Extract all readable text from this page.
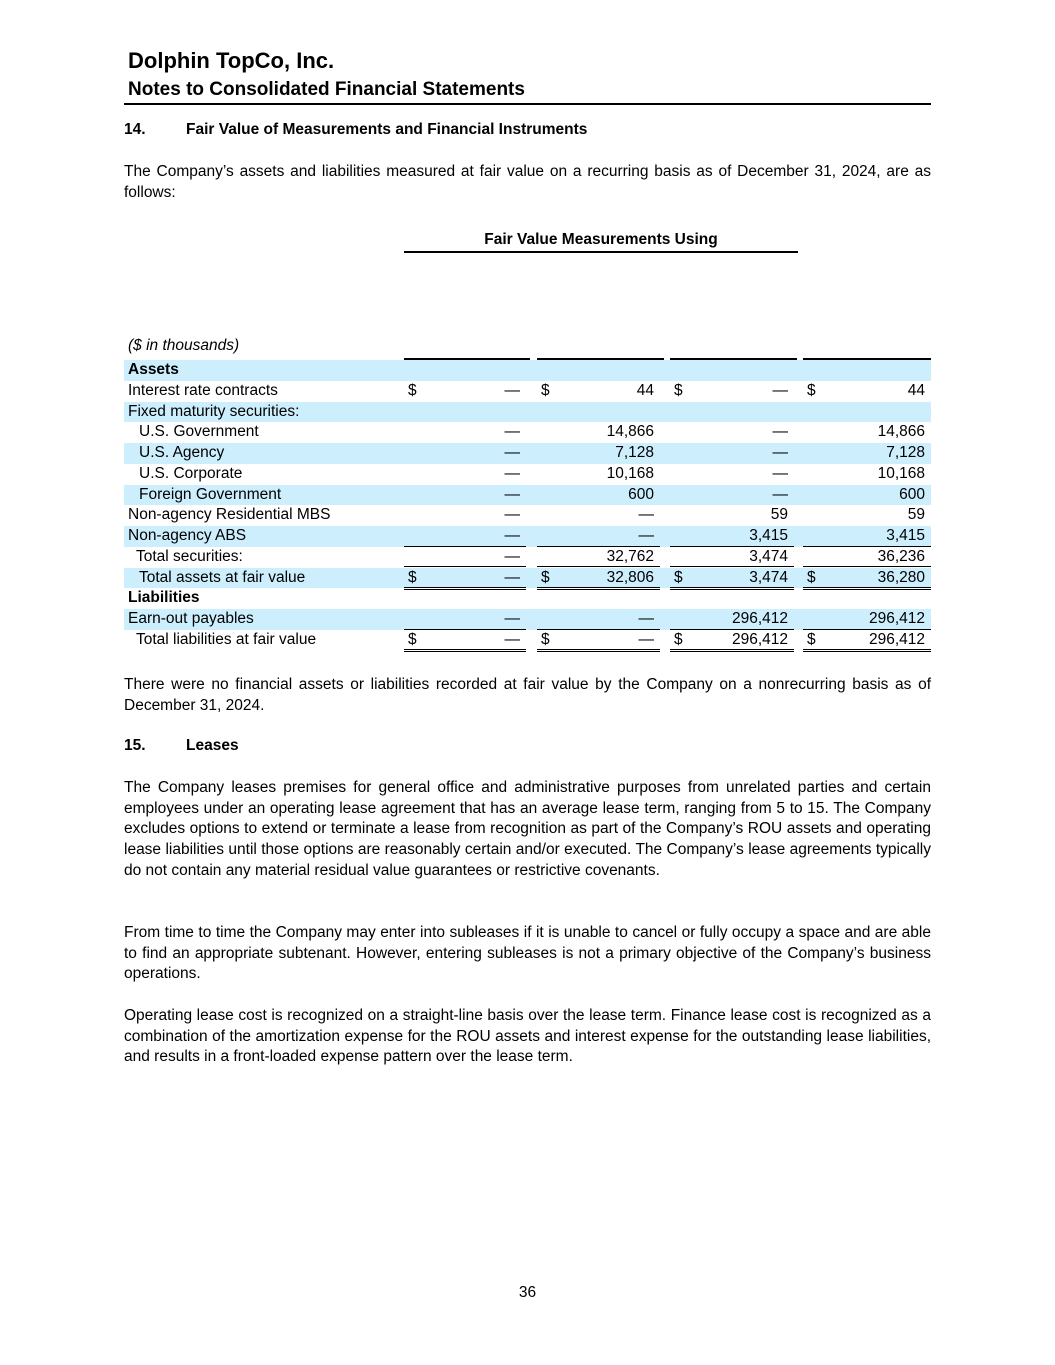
Dolphin TopCo, Inc.
Notes to Consolidated Financial Statements
14.	Fair Value of Measurements and Financial Instruments
The Company’s assets and liabilities measured at fair value on a recurring basis as of December 31, 2024, are as follows:
Fair Value Measurements Using
($ in thousands)
Assets
Interest rate contracts	$	— $	44 $	— $	44
Fixed maturity securities:
U.S. Government	—	14,866	—	14,866
U.S. Agency	—	7,128	—	7,128
U.S. Corporate	—	10,168	—	10,168
Foreign Government	—	600	—	600
Non-agency Residential MBS	—	—	59	59
Non-agency ABS	—	—	3,415	3,415
Total securities:	—	32,762	3,474	36,236
Total assets at fair value	$	— $	32,806 $	3,474 $	36,280
Liabilities
Earn-out payables	—	—	296,412	296,412
Total liabilities at fair value	$	— $	— $	296,412 $	296,412
There were no financial assets or liabilities recorded at fair value by the Company on a nonrecurring basis as of December 31, 2024.
15.	Leases
The Company leases premises for general office and administrative purposes from unrelated parties and certain employees under an operating lease agreement that has an average lease term, ranging from 5 to 15. The Company excludes options to extend or terminate a lease from recognition as part of the Company’s ROU assets and operating lease liabilities until those options are reasonably certain and/or executed. The Company’s lease agreements typically do not contain any material residual value guarantees or restrictive covenants.
From time to time the Company may enter into subleases if it is unable to cancel or fully occupy a space and are able to find an appropriate subtenant. However, entering subleases is not a primary objective of the Company’s business operations.
Operating lease cost is recognized on a straight-line basis over the lease term. Finance lease cost is recognized as a combination of the amortization expense for the ROU assets and interest expense for the outstanding lease liabilities, and results in a front-loaded expense pattern over the lease term.
36
